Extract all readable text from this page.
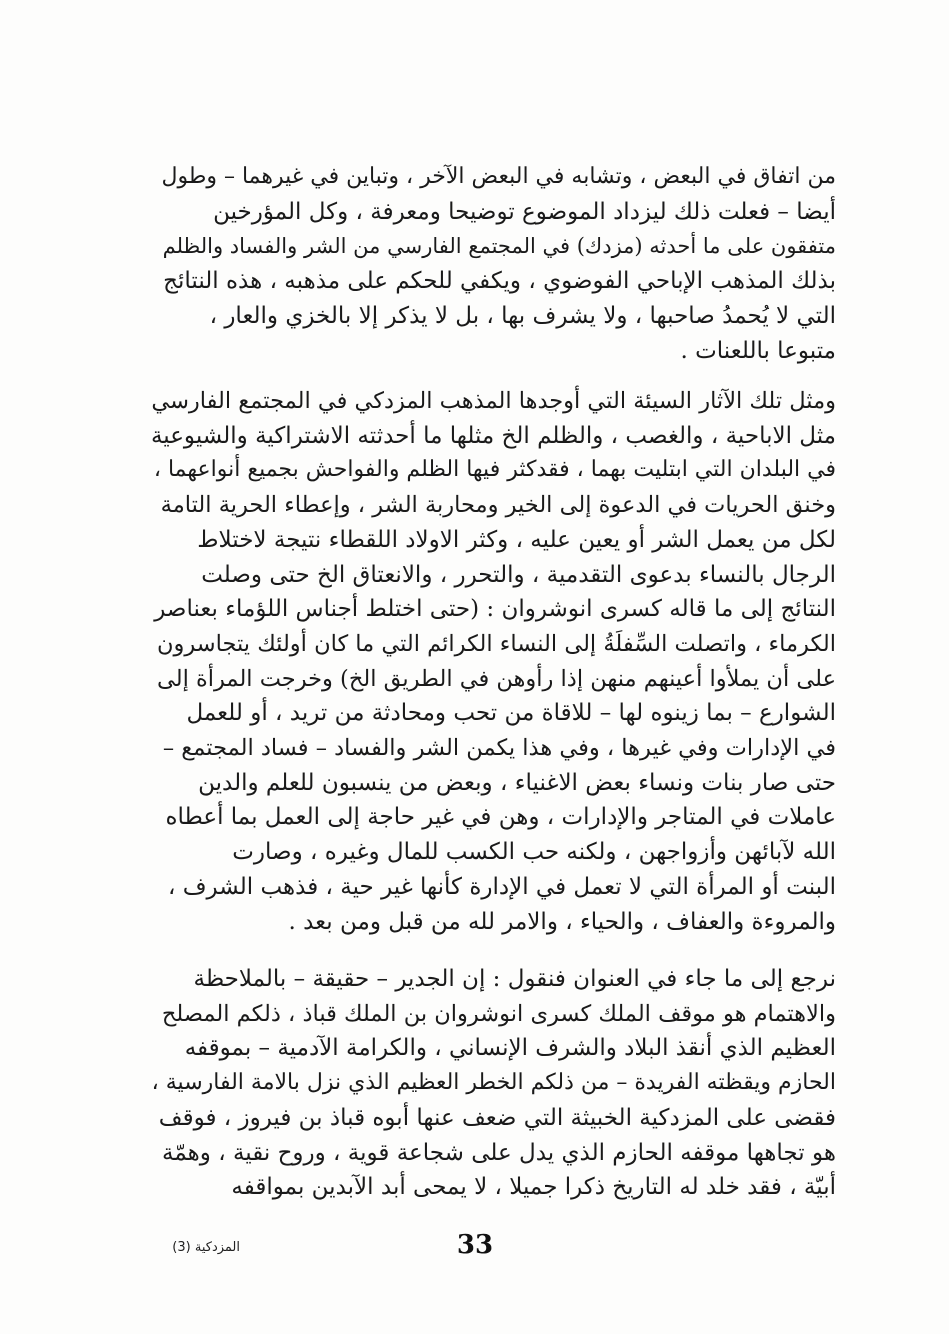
من اتفاق في البعض ، وتشابه في البعض الآخر ، وتباين في غيرهما – وطول
أيضا – فعلت ذلك ليزداد الموضوع توضيحا ومعرفة ، وكل المؤرخين
متفقون على ما أحدثه (مزدك) في المجتمع الفارسي من الشر والفساد والظلم
بذلك المذهب الإباحي الفوضوي ، ويكفي للحكم على مذهبه ، هذه النتائج
التي لا يُحمدُ صاحبها ، ولا يشرف بها ، بل لا يذكر إلا بالخزي والعار ،
متبوعا باللعنات .
ومثل تلك الآثار السيئة التي أوجدها المذهب المزدكي في المجتمع الفارسي
مثل الاباحية ، والغصب ، والظلم الخ مثلها ما أحدثته الاشتراكية والشيوعية
في البلدان التي ابتليت بهما ، فقدكثر فيها الظلم والفواحش بجميع أنواعهما ،
وخنق الحريات في الدعوة إلى الخير ومحاربة الشر ، وإعطاء الحرية التامة
لكل من يعمل الشر أو يعين عليه ، وكثر الاولاد اللقطاء نتيجة لاختلاط
الرجال بالنساء بدعوى التقدمية ، والتحرر ، والانعتاق الخ حتى وصلت
النتائج إلى ما قاله كسرى انوشروان : (حتى اختلط أجناس اللؤماء بعناصر
الكرماء ، واتصلت السِّفلَةُ إلى النساء الكرائم التي ما كان أولئك يتجاسرون
على أن يملأوا أعينهم منهن إذا رأوهن في الطريق الخ) وخرجت المرأة إلى
الشوارع – بما زينوه لها – للاقاة من تحب ومحادثة من تريد ، أو للعمل
في الإدارات وفي غيرها ، وفي هذا يكمن الشر والفساد – فساد المجتمع –
حتى صار بنات ونساء بعض الاغنياء ، وبعض من ينسبون للعلم والدين
عاملات في المتاجر والإدارات ، وهن في غير حاجة إلى العمل بما أعطاه
الله لآبائهن وأزواجهن ، ولكنه حب الكسب للمال وغيره ، وصارت
البنت أو المرأة التي لا تعمل في الإدارة كأنها غير حية ، فذهب الشرف ،
والمروءة والعفاف ، والحياء ، والامر لله من قبل ومن بعد .
نرجع إلى ما جاء في العنوان فنقول : إن الجدير – حقيقة – بالملاحظة
والاهتمام هو موقف الملك كسرى انوشروان بن الملك قباذ ، ذلكم المصلح
العظيم الذي أنقذ البلاد والشرف الإنساني ، والكرامة الآدمية – بموقفه
الحازم ويقظته الفريدة – من ذلكم الخطر العظيم الذي نزل بالامة الفارسية ،
فقضى على المزدكية الخبيثة التي ضعف عنها أبوه قباذ بن فيروز ، فوقف
هو تجاهها موقفه الحازم الذي يدل على شجاعة قوية ، وروح نقية ، وهمّة
أبيّة ، فقد خلد له التاريخ ذكرا جميلا ، لا يمحى أبد الآبدين بمواقفه
33
المزدكية (3)
